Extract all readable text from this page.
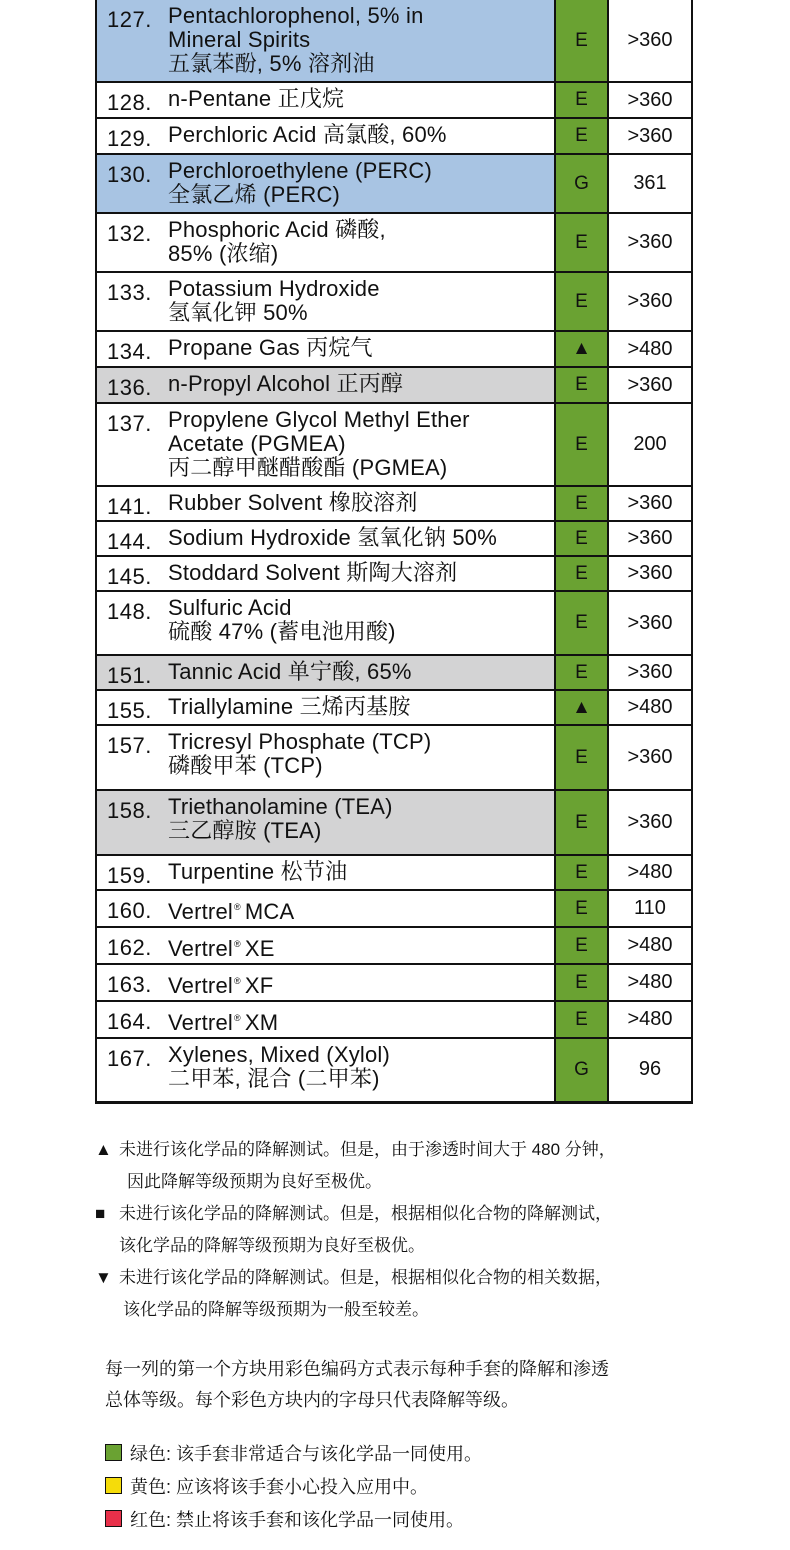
127. Pentachlorophenol, 5% in
Mineral Spirits
五氯苯酚, 5% 溶剂油	E	>360

128. n-Pentane 正戊烷	E	>360

129. Perchloric Acid 高氯酸, 60%	E	>360

130. Perchloroethylene (PERC)
全氯乙烯 (PERC)	G	361

132. Phosphoric Acid 磷酸,
85% (浓缩)	E	>360

133. Potassium Hydroxide
氢氧化钾 50%	E	>360

134. Propane Gas 丙烷气	▲	>480

136. n-Propyl Alcohol 正丙醇	E	>360

137. Propylene Glycol Methyl Ether
Acetate (PGMEA)
丙二醇甲醚醋酸酯 (PGMEA)	E	200

141. Rubber Solvent 橡胶溶剂	E	>360

144. Sodium Hydroxide 氢氧化钠 50%	E	>360

145. Stoddard Solvent 斯陶大溶剂	E	>360

148. Sulfuric Acid
硫酸 47% (蓄电池用酸)	E	>360

151. Tannic Acid 单宁酸, 65%	E	>360

155. Triallylamine 三烯丙基胺	▲	>480

157. Tricresyl Phosphate (TCP)
磷酸甲苯 (TCP)	E	>360

158. Triethanolamine (TEA)
三乙醇胺 (TEA)	E	>360

159. Turpentine 松节油	E	>480

160. Vertrel® MCA	E	110

162. Vertrel® XE	E	>480

163. Vertrel® XF	E	>480

164. Vertrel® XM	E	>480

167. Xylenes, Mixed (Xylol)
二甲苯, 混合 (二甲苯)	G	96
▲ 未进行该化学品的降解测试。但是，由于渗透时间大于 480 分钟，
因此降解等级预期为良好至极优。
■ 未进行该化学品的降解测试。但是，根据相似化合物的降解测试，
该化学品的降解等级预期为良好至极优。
▼ 未进行该化学品的降解测试。但是，根据相似化合物的相关数据，
该化学品的降解等级预期为一般至较差。
每一列的第一个方块用彩色编码方式表示每种手套的降解和渗透
总体等级。每个彩色方块内的字母只代表降解等级。
绿色: 该手套非常适合与该化学品一同使用。
黄色: 应该将该手套小心投入应用中。
红色: 禁止将该手套和该化学品一同使用。
